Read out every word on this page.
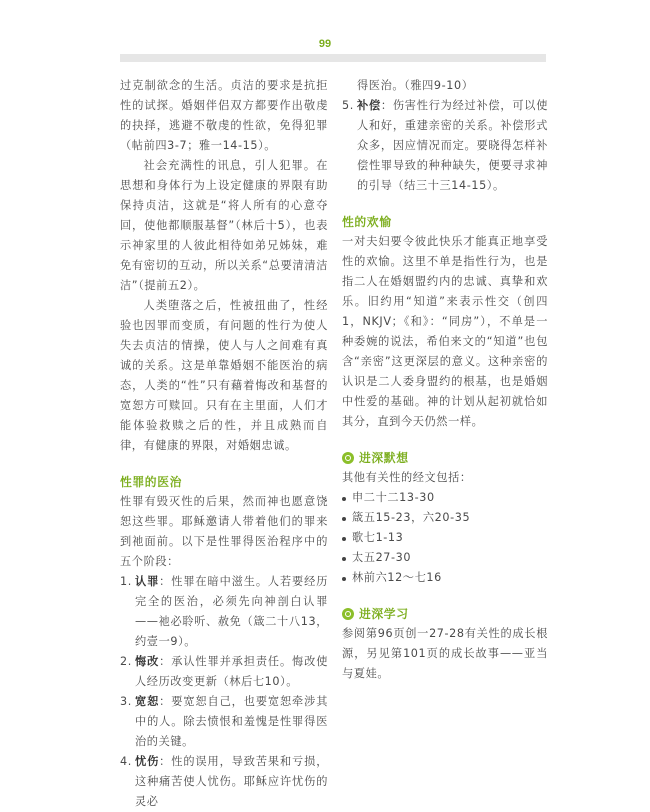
99

过克制欲念的生活。贞洁的要求是抗拒性的试探。婚姻伴侣双方都要作出敬虔的抉择，逃避不敬虔的性欲，免得犯罪（帖前四3-7；雅一14-15）。

社会充满性的讯息，引人犯罪。在思想和身体行为上设定健康的界限有助保持贞洁，这就是“将人所有的心意夺回，使他都顺服基督”（林后十5），也表示神家里的人彼此相待如弟兄姊妹，难免有密切的互动，所以关系“总要清清洁洁”（提前五2）。

人类堕落之后，性被扭曲了，性经验也因罪而变质，有问题的性行为使人失去贞洁的情操，使人与人之间难有真诚的关系。这是单靠婚姻不能医治的病态，人类的“性”只有藉着悔改和基督的宽恕方可赎回。只有在主里面，人们才能体验救赎之后的性，并且成熟而自律，有健康的界限，对婚姻忠诚。

性罪的医治

性罪有毁灭性的后果，然而神也愿意饶恕这些罪。耶稣邀请人带着他们的罪来到祂面前。以下是性罪得医治程序中的五个阶段：

1. 认罪：性罪在暗中滋生。人若要经历完全的医治，必须先向神剖白认罪——祂必聆听、赦免（箴二十八13，约壹一9）。
2. 悔改：承认性罪并承担责任。悔改使人经历改变更新（林后七10）。
3. 宽恕：要宽恕自己，也要宽恕牵涉其中的人。除去愤恨和羞愧是性罪得医治的关键。
4. 忧伤：性的误用，导致苦果和亏损，这种痛苦使人忧伤。耶稣应许忧伤的灵必

得医治。（雅四9-10）

5. 补偿：伤害性行为经过补偿，可以使人和好，重建亲密的关系。补偿形式众多，因应情况而定。要晓得怎样补偿性罪导致的种种缺失，便要寻求神的引导（结三十三14-15）。
性的欢愉

一对夫妇要令彼此快乐才能真正地享受性的欢愉。这里不单是指性行为，也是指二人在婚姻盟约内的忠诚、真挚和欢乐。旧约用“知道”来表示性交（创四1，NKJV；《和》：“同房”），不单是一种委婉的说法，希伯来文的“知道”也包含“亲密”这更深层的意义。这种亲密的认识是二人委身盟约的根基，也是婚姻中性爱的基础。神的计划从起初就恰如其分，直到今天仍然一样。

进深默想

其他有关性的经文包括：

申二十二13-30
箴五15-23，六20-35
歌七1-13
太五27-30
林前六12～七16
进深学习

参阅第96页创一27-28有关性的成长根源，另见第101页的成长故事——亚当与夏娃。
